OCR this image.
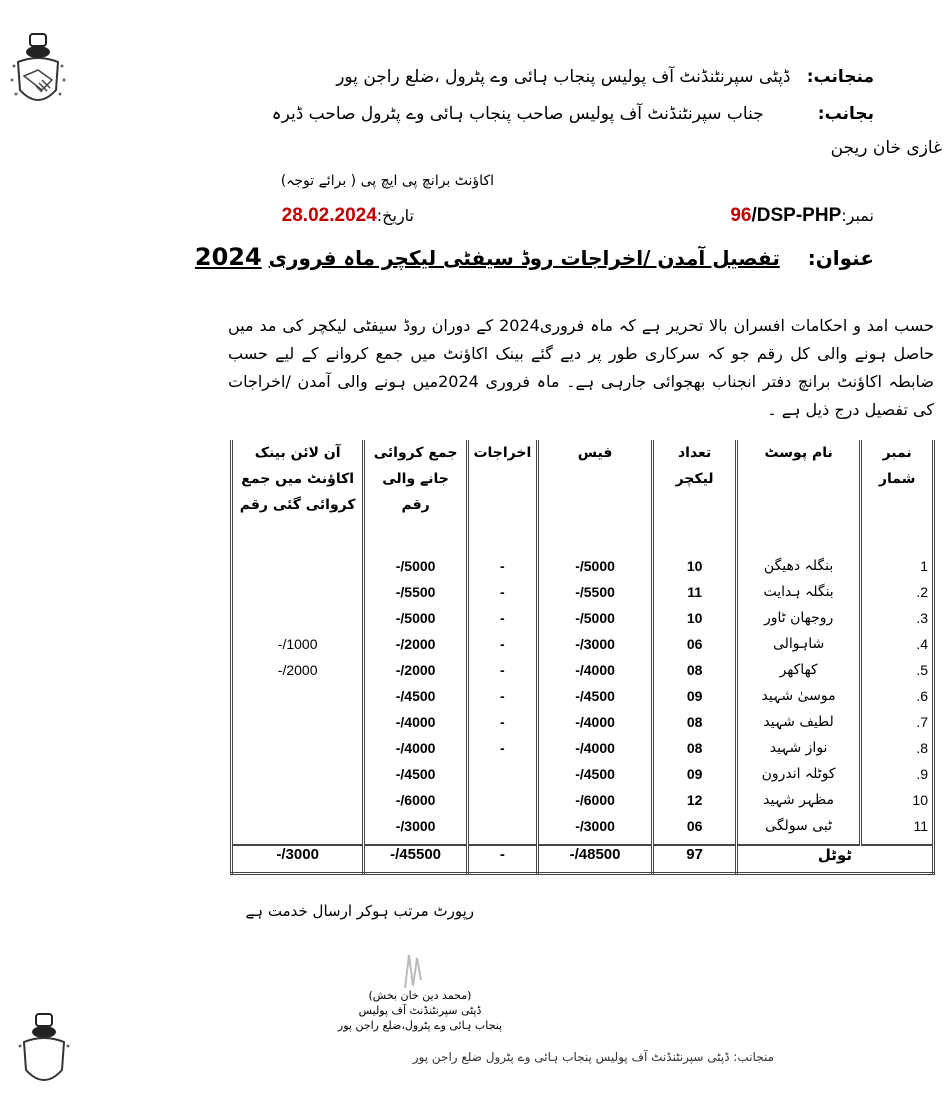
منجانب:   ڈپٹی سپرنٹنڈنٹ آف پولیس پنجاب ہائی وے پٹرول ،ضلع راجن پور
بجانب:          جناب سپرنٹنڈنٹ آف پولیس صاحب پنجاب ہائی وے پٹرول صاحب ڈیرہ
غازی خان ریجن
اکاؤنٹ برانچ پی ایچ پی ( برائے توجہ)
نمبر:96/DSP-PHP
تاریخ:28.02.2024
عنوان:    تفصیل آمدن /اخراجات روڈ سیفٹی لیکچر ماہ فروری 2024
حسب امد و احکامات افسران بالا تحریر ہے کہ ماہ فروری2024 کے دوران روڈ سیفٹی لیکچر کی مد میں حاصل ہونے والی کل رقم جو کہ سرکاری طور پر دیے گئے بینک اکاؤنٹ میں جمع کروانے کے لیے حسب ضابطہ اکاؤنٹ برانچ دفتر انجناب بھجوائی جارہی ہے۔ ماہ فروری 2024میں ہونے والی آمدن /اخراجات کی تفصیل درج ذیل ہے ۔
نمبر شمار	نام پوسٹ	تعداد لیکچر	فیس	اخراجات	جمع کروائی جانے والی رقم	آن لائن بینک اکاؤنٹ میں جمع کروائی گئی رقم
1	بنگلہ دھیگن	10	5000/-	-	5000/-	
2.	بنگلہ ہدایت	11	5500/-	-	5500/-	
3.	روجھان ٹاور	10	5000/-	-	5000/-	
4.	شاہوالی	06	3000/-	-	2000/-	1000/-
5.	کھاکھر	08	4000/-	-	2000/-	2000/-
6.	موسیٰ شہید	09	4500/-	-	4500/-	
7.	لطیف شہید	08	4000/-	-	4000/-	
8.	نواز شہید	08	4000/-	-	4000/-	
9.	کوٹلہ اندرون	09	4500/-		4500/-	
10	مظہر شہید	12	6000/-		6000/-	
11	ٹبی سولگی	06	3000/-		3000/-	
ٹوٹل		97	48500/-	-	45500/-	3000/-
رپورٹ مرتب ہوکر ارسال خدمت ہے
(محمد دین خان بخش)
ڈپٹی سپرنٹنڈنٹ آف پولیس
پنجاب ہائی وے پٹرول،ضلع راجن پور
منجانب: ڈپٹی سپرنٹنڈنٹ آف پولیس پنجاب ہائی وے پٹرول ضلع راجن پور
